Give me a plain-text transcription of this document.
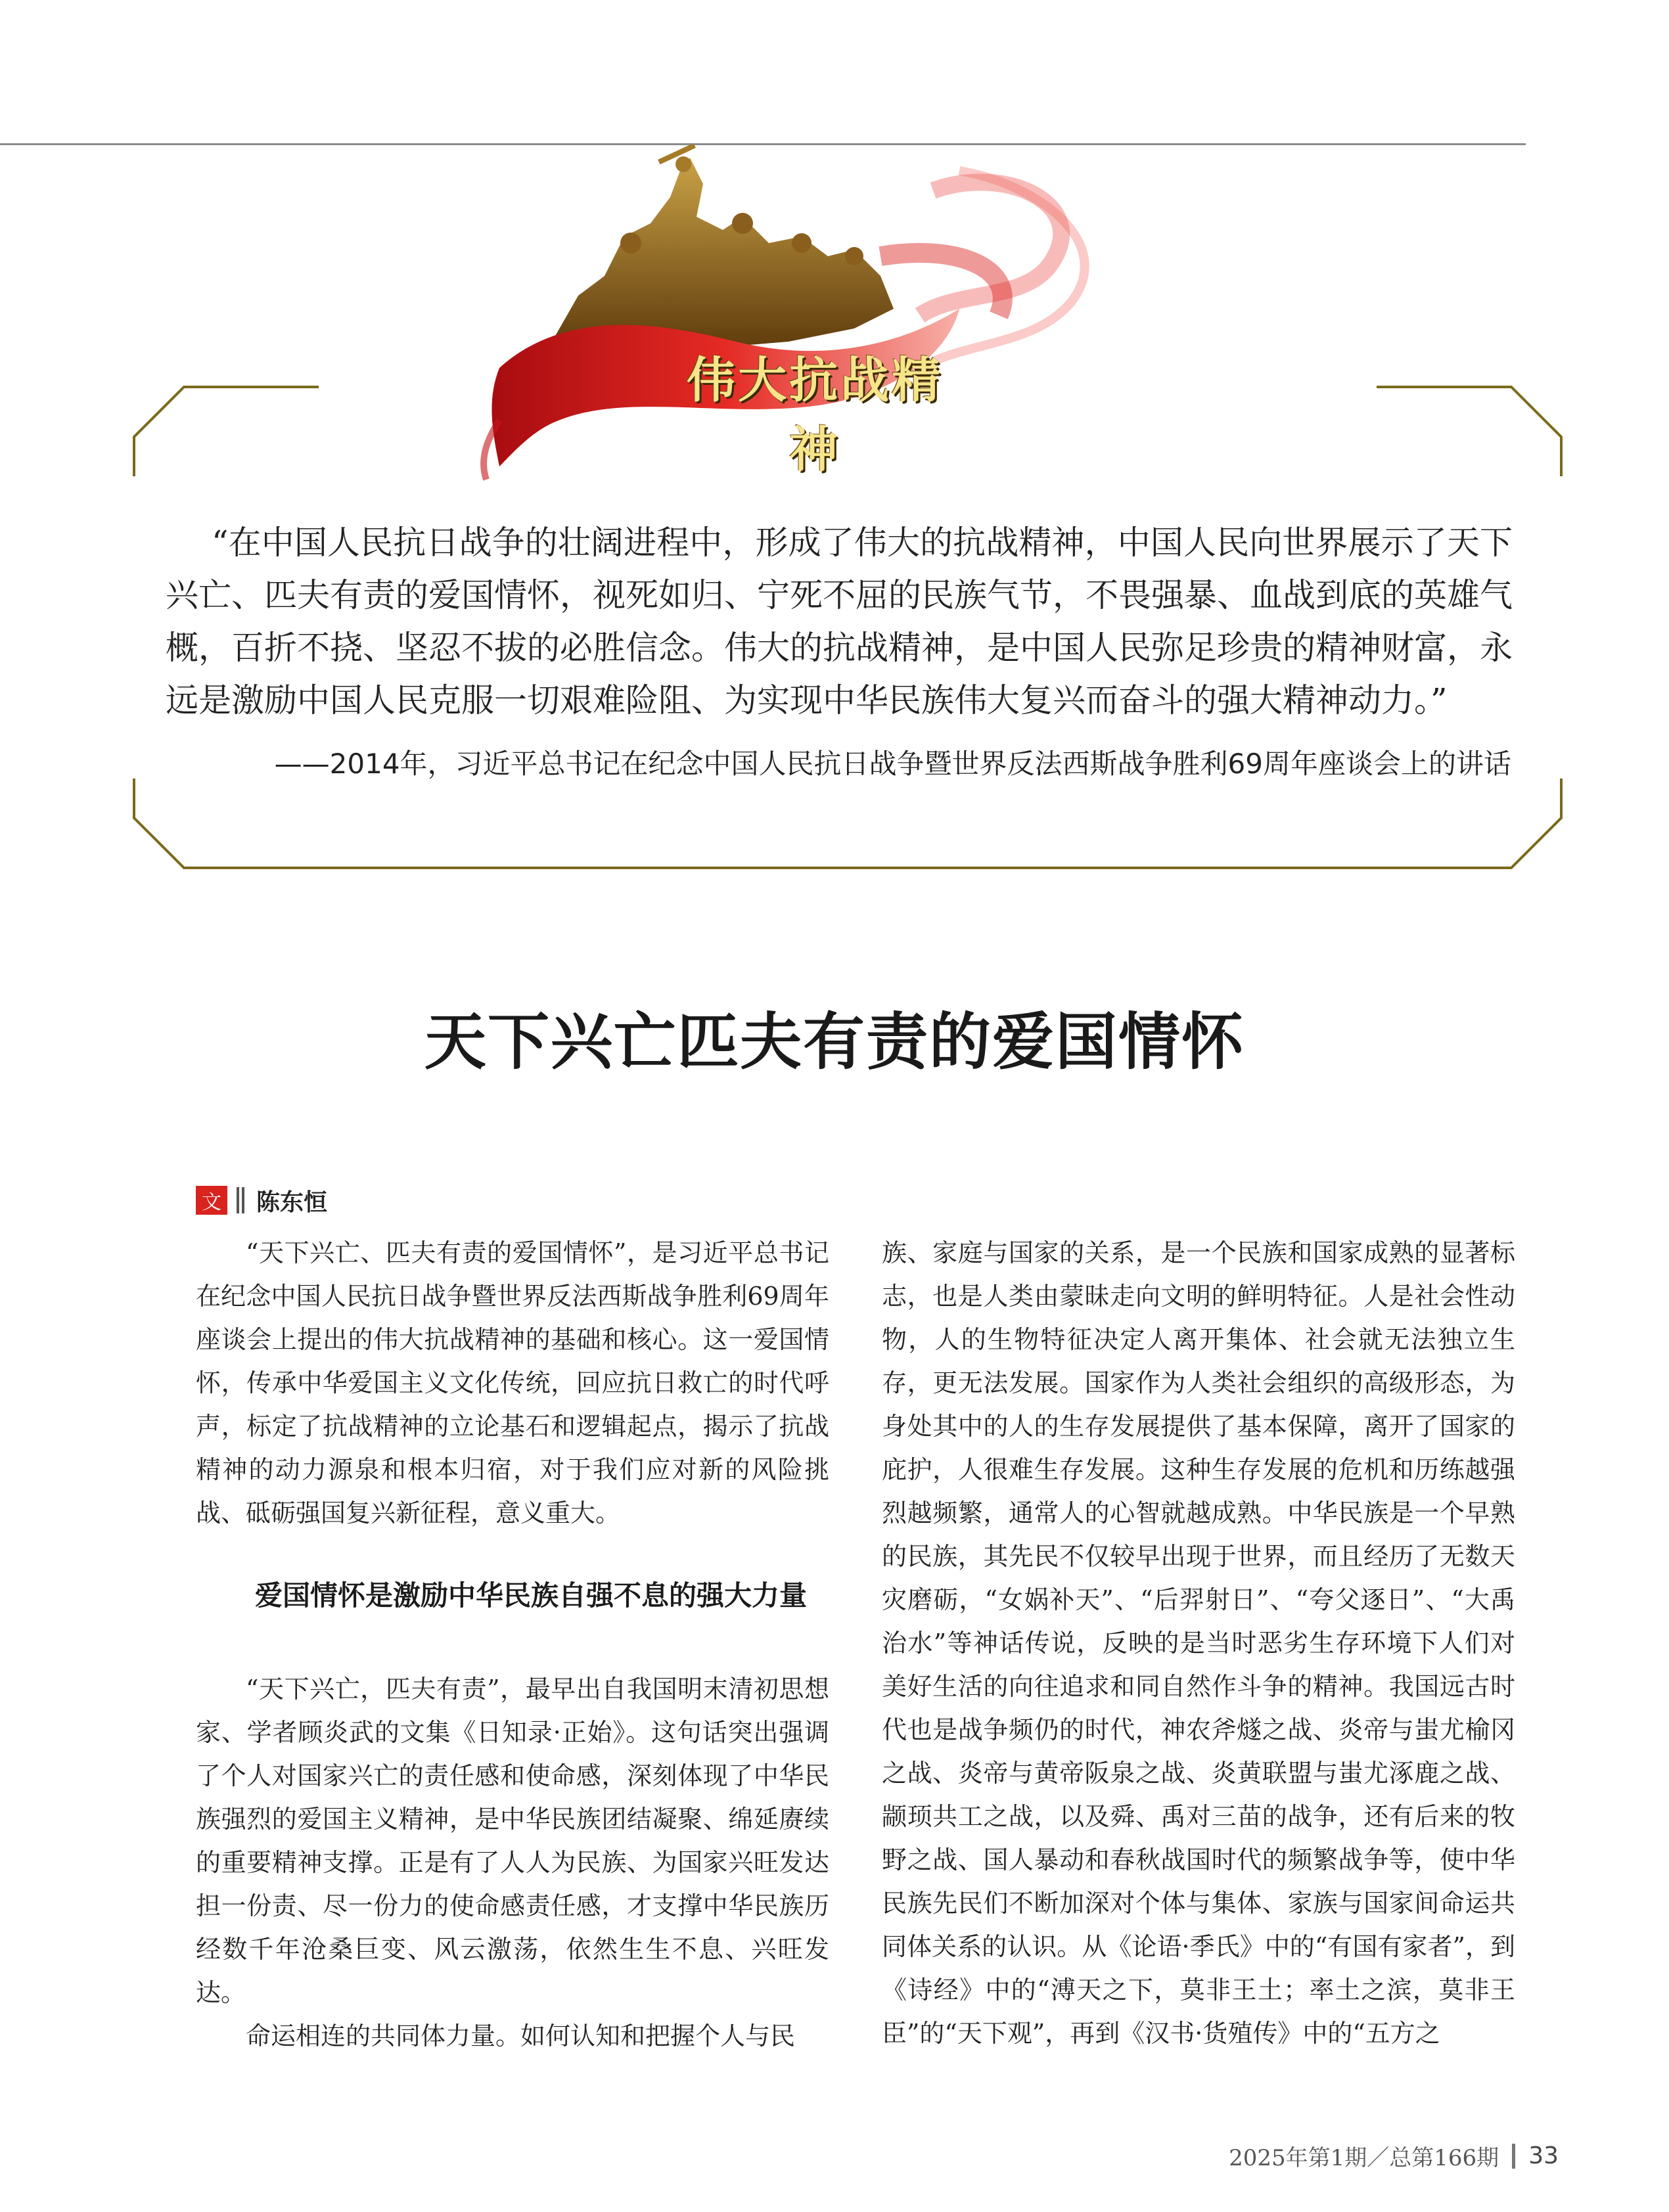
伟大抗战精神
“在中国人民抗日战争的壮阔进程中，形成了伟大的抗战精神，中国人民向世界展示了天下兴亡、匹夫有责的爱国情怀，视死如归、宁死不屈的民族气节，不畏强暴、血战到底的英雄气概，百折不挠、坚忍不拔的必胜信念。伟大的抗战精神，是中国人民弥足珍贵的精神财富，永远是激励中国人民克服一切艰难险阻、为实现中华民族伟大复兴而奋斗的强大精神动力。”
——2014年，习近平总书记在纪念中国人民抗日战争暨世界反法西斯战争胜利69周年座谈会上的讲话
天下兴亡匹夫有责的爱国情怀
文 陈东恒

“天下兴亡、匹夫有责的爱国情怀”，是习近平总书记在纪念中国人民抗日战争暨世界反法西斯战争胜利69周年座谈会上提出的伟大抗战精神的基础和核心。这一爱国情怀，传承中华爱国主义文化传统，回应抗日救亡的时代呼声，标定了抗战精神的立论基石和逻辑起点，揭示了抗战精神的动力源泉和根本归宿，对于我们应对新的风险挑战、砥砺强国复兴新征程，意义重大。

爱国情怀是激励中华民族自强不息的强大力量

“天下兴亡，匹夫有责”，最早出自我国明末清初思想家、学者顾炎武的文集《日知录·正始》。这句话突出强调了个人对国家兴亡的责任感和使命感，深刻体现了中华民族强烈的爱国主义精神，是中华民族团结凝聚、绵延赓续的重要精神支撑。正是有了人人为民族、为国家兴旺发达担一份责、尽一份力的使命感责任感，才支撑中华民族历经数千年沧桑巨变、风云激荡，依然生生不息、兴旺发达。

命运相连的共同体力量。如何认知和把握个人与民

族、家庭与国家的关系，是一个民族和国家成熟的显著标志，也是人类由蒙昧走向文明的鲜明特征。人是社会性动物，人的生物特征决定人离开集体、社会就无法独立生存，更无法发展。国家作为人类社会组织的高级形态，为身处其中的人的生存发展提供了基本保障，离开了国家的庇护，人很难生存发展。这种生存发展的危机和历练越强烈越频繁，通常人的心智就越成熟。中华民族是一个早熟的民族，其先民不仅较早出现于世界，而且经历了无数天灾磨砺，“女娲补天”、“后羿射日”、“夸父逐日”、“大禹治水”等神话传说，反映的是当时恶劣生存环境下人们对美好生活的向往追求和同自然作斗争的精神。我国远古时代也是战争频仍的时代，神农斧燧之战、炎帝与蚩尤榆冈之战、炎帝与黄帝阪泉之战、炎黄联盟与蚩尤涿鹿之战、颛顼共工之战，以及舜、禹对三苗的战争，还有后来的牧野之战、国人暴动和春秋战国时代的频繁战争等，使中华民族先民们不断加深对个体与集体、家族与国家间命运共同体关系的认识。从《论语·季氏》中的“有国有家者”，到《诗经》中的“溥天之下，莫非王土；率土之滨，莫非王臣”的“天下观”，再到《汉书·货殖传》中的“五方之

2025年第1期／总第166期 33
